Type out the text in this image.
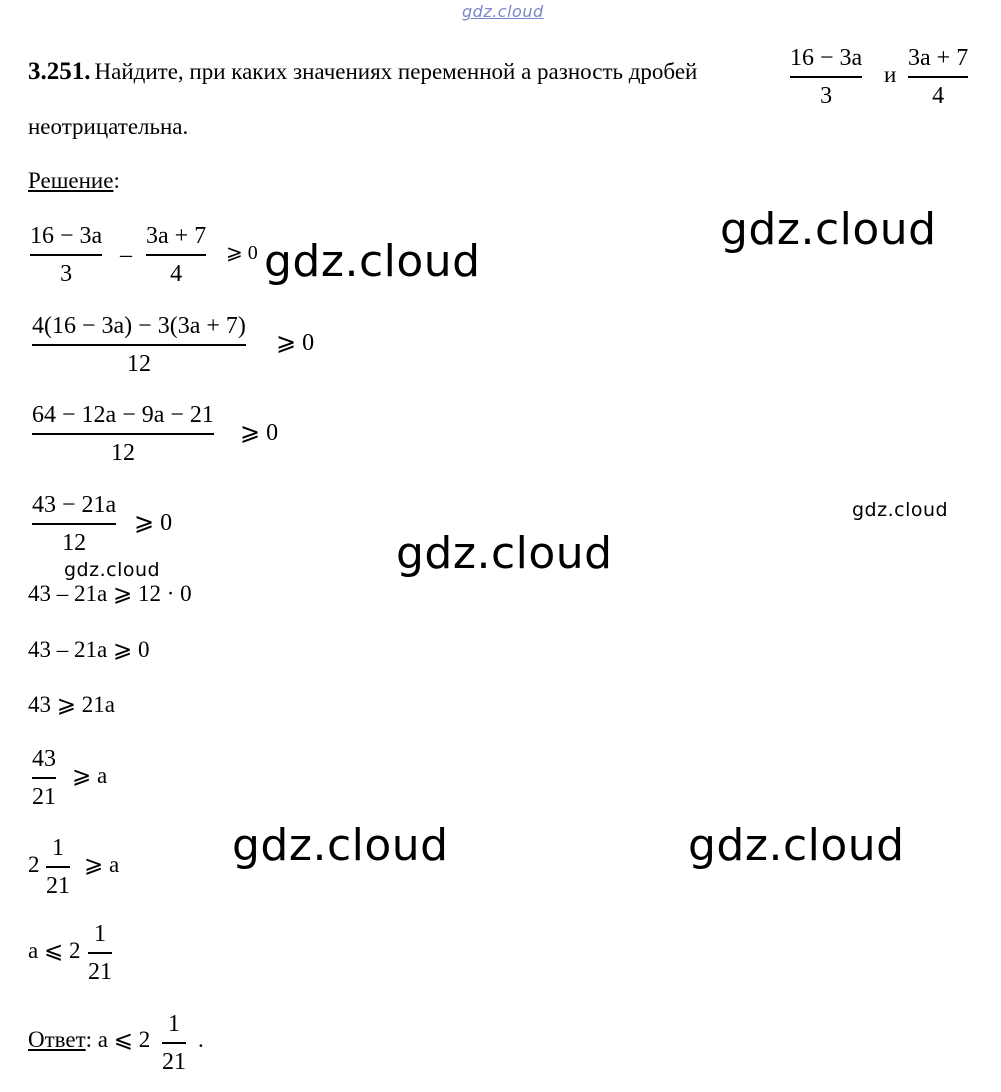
gdz.cloud
3.251. Найдите, при каких значениях переменной a разность дробей
16 − 3a
3
и
3a + 7
4
неотрицательна.
Решение:
16 − 3a
3
–
3a + 7
4
⩾ 0
4(16 − 3a) − 3(3a + 7)
12
⩾ 0
64 − 12a − 9a − 21
12
⩾ 0
43 − 21a
12
⩾ 0
43 – 21a ⩾ 12 · 0
43 – 21a ⩾ 0
43 ⩾ 21a
43
21
⩾ a
2
1
21
⩾ a
a ⩽ 2
1
21
Ответ: a ⩽ 2
1
21
.
gdz.cloud
gdz.cloud
gdz.cloud
gdz.cloud
gdz.cloud
gdz.cloud	gdz.cloud
